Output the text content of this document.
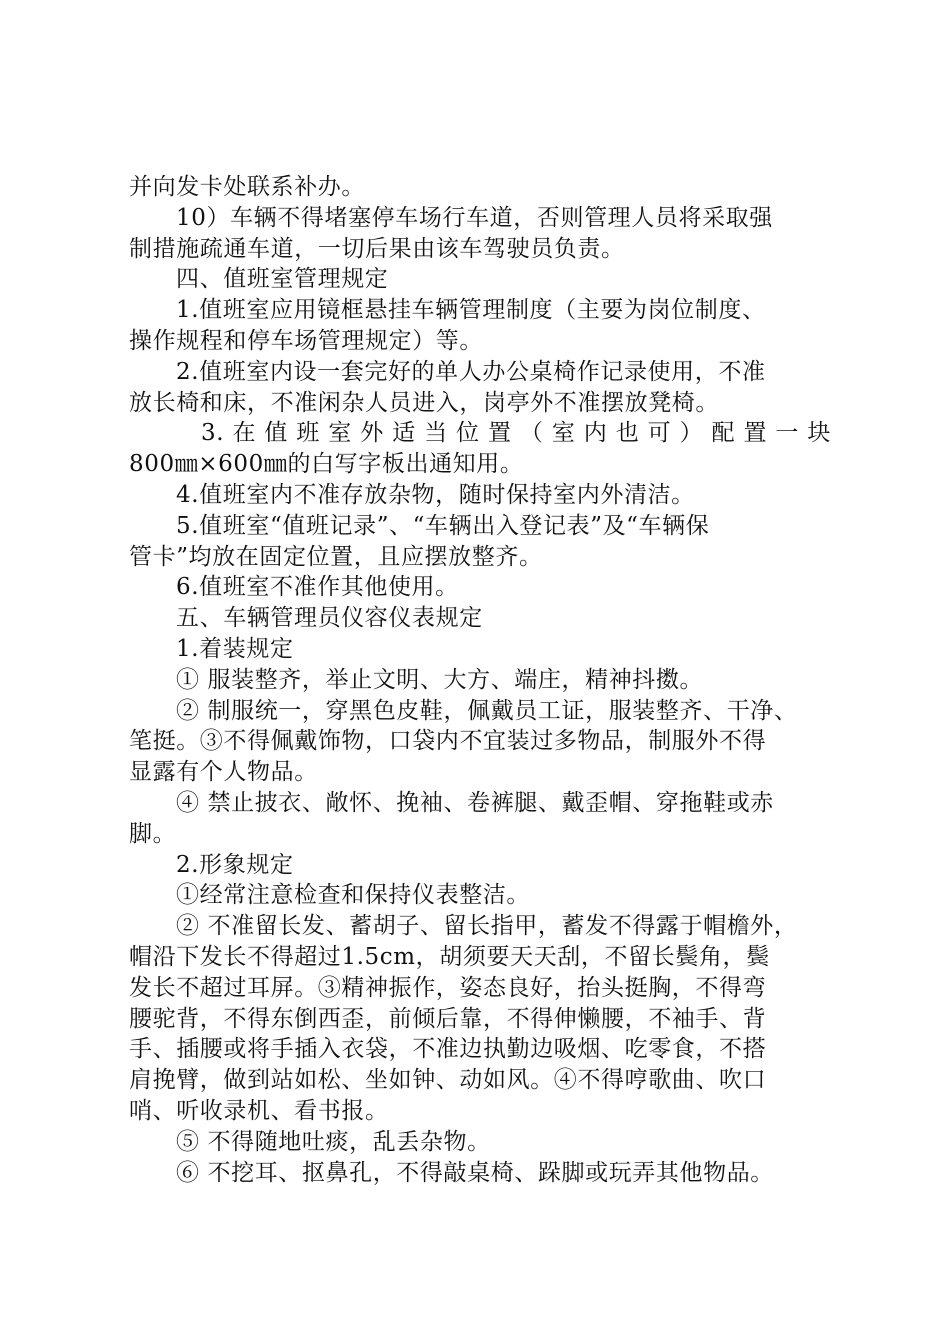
并向发卡处联系补办。
10）车辆不得堵塞停车场行车道，否则管理人员将采取强
制措施疏通车道，一切后果由该车驾驶员负责。
四、值班室管理规定
1.值班室应用镜框悬挂车辆管理制度（主要为岗位制度、
操作规程和停车场管理规定）等。
2.值班室内设一套完好的单人办公桌椅作记录使用，不准
放长椅和床，不准闲杂人员进入，岗亭外不准摆放凳椅。
3. 在 值 班 室 外 适 当 位 置 （ 室 内 也 可 ） 配 置 一 块
800㎜×600㎜的白写字板出通知用。
4.值班室内不准存放杂物，随时保持室内外清洁。
5.值班室“值班记录”、“车辆出入登记表”及“车辆保
管卡”均放在固定位置，且应摆放整齐。
6.值班室不准作其他使用。
五、车辆管理员仪容仪表规定
1.着装规定
① 服装整齐，举止文明、大方、端庄，精神抖擞。
② 制服统一，穿黑色皮鞋，佩戴员工证，服装整齐、干净、
笔挺。③不得佩戴饰物，口袋内不宜装过多物品，制服外不得
显露有个人物品。
④ 禁止披衣、敞怀、挽袖、卷裤腿、戴歪帽、穿拖鞋或赤
脚。
2.形象规定
①经常注意检查和保持仪表整洁。
② 不准留长发、蓄胡子、留长指甲，蓄发不得露于帽檐外，
帽沿下发长不得超过1.5cm，胡须要天天刮，不留长鬓角，鬓
发长不超过耳屏。③精神振作，姿态良好，抬头挺胸，不得弯
腰驼背，不得东倒西歪，前倾后靠，不得伸懒腰，不袖手、背
手、插腰或将手插入衣袋，不准边执勤边吸烟、吃零食，不搭
肩挽臂，做到站如松、坐如钟、动如风。④不得哼歌曲、吹口
哨、听收录机、看书报。
⑤ 不得随地吐痰，乱丢杂物。
⑥ 不挖耳、抠鼻孔，不得敲桌椅、跺脚或玩弄其他物品。
